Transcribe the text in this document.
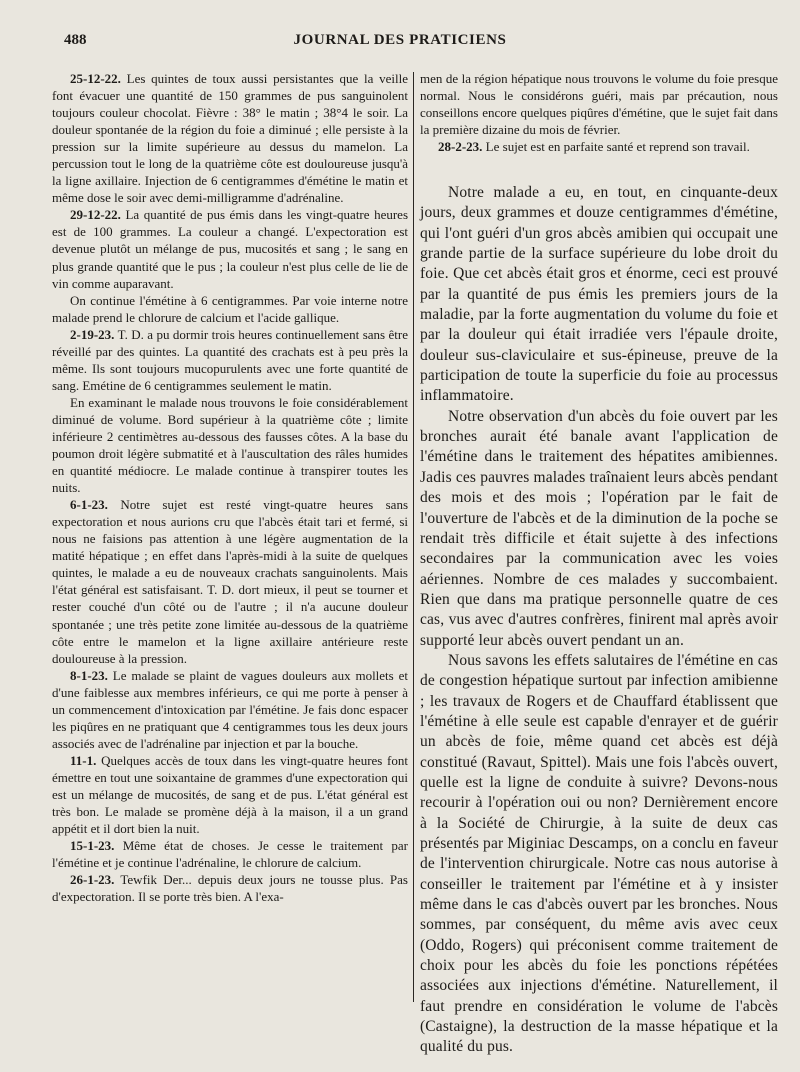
488	JOURNAL DES PRATICIENS

25-12-22. Les quintes de toux aussi persistantes que la veille font évacuer une quantité de 150 grammes de pus sanguinolent toujours couleur chocolat. Fièvre : 38° le matin ; 38°4 le soir. La douleur spontanée de la région du foie a diminué ; elle persiste à la pression sur la limite supérieure au dessus du mamelon. La percussion tout le long de la quatrième côte est douloureuse jusqu'à la ligne axillaire. Injection de 6 centigrammes d'émétine le matin et même dose le soir avec demi-milligramme d'adrénaline.

29-12-22. La quantité de pus émis dans les vingt-quatre heures est de 100 grammes. La couleur a changé. L'expectoration est devenue plutôt un mélange de pus, mucosités et sang ; le sang en plus grande quantité que le pus ; la couleur n'est plus celle de lie de vin comme auparavant.

On continue l'émétine à 6 centigrammes. Par voie interne notre malade prend le chlorure de calcium et l'acide gallique.

2-19-23. T. D. a pu dormir trois heures continuellement sans être réveillé par des quintes. La quantité des crachats est à peu près la même. Ils sont toujours mucopurulents avec une forte quantité de sang. Emétine de 6 centigrammes seulement le matin.

En examinant le malade nous trouvons le foie considérablement diminué de volume. Bord supérieur à la quatrième côte ; limite inférieure 2 centimètres au-dessous des fausses côtes. A la base du poumon droit légère submatité et à l'auscultation des râles humides en quantité médiocre. Le malade continue à transpirer toutes les nuits.

6-1-23. Notre sujet est resté vingt-quatre heures sans expectoration et nous aurions cru que l'abcès était tari et fermé, si nous ne faisions pas attention à une légère augmentation de la matité hépatique ; en effet dans l'après-midi à la suite de quelques quintes, le malade a eu de nouveaux crachats sanguinolents. Mais l'état général est satisfaisant. T. D. dort mieux, il peut se tourner et rester couché d'un côté ou de l'autre ; il n'a aucune douleur spontanée ; une très petite zone limitée au-dessous de la quatrième côte entre le mamelon et la ligne axillaire antérieure reste douloureuse à la pression.

8-1-23. Le malade se plaint de vagues douleurs aux mollets et d'une faiblesse aux membres inférieurs, ce qui me porte à penser à un commencement d'intoxication par l'émétine. Je fais donc espacer les piqûres en ne pratiquant que 4 centigrammes tous les deux jours associés avec de l'adrénaline par injection et par la bouche.

11-1. Quelques accès de toux dans les vingt-quatre heures font émettre en tout une soixantaine de grammes d'une expectoration qui est un mélange de mucosités, de sang et de pus. L'état général est très bon. Le malade se promène déjà à la maison, il a un grand appétit et il dort bien la nuit.

15-1-23. Même état de choses. Je cesse le traitement par l'émétine et je continue l'adrénaline, le chlorure de calcium.

26-1-23. Tewfik Der... depuis deux jours ne tousse plus. Pas d'expectoration. Il se porte très bien. A l'exa-

men de la région hépatique nous trouvons le volume du foie presque normal. Nous le considérons guéri, mais par précaution, nous conseillons encore quelques piqûres d'émétine, que le sujet fait dans la première dizaine du mois de février.

28-2-23. Le sujet est en parfaite santé et reprend son travail.

Notre malade a eu, en tout, en cinquante-deux jours, deux grammes et douze centigrammes d'émétine, qui l'ont guéri d'un gros abcès amibien qui occupait une grande partie de la surface supérieure du lobe droit du foie. Que cet abcès était gros et énorme, ceci est prouvé par la quantité de pus émis les premiers jours de la maladie, par la forte augmentation du volume du foie et par la douleur qui était irradiée vers l'épaule droite, douleur sus-claviculaire et sus-épineuse, preuve de la participation de toute la superficie du foie au processus inflammatoire.

Notre observation d'un abcès du foie ouvert par les bronches aurait été banale avant l'application de l'émétine dans le traitement des hépatites amibiennes. Jadis ces pauvres malades traînaient leurs abcès pendant des mois et des mois ; l'opération par le fait de l'ouverture de l'abcès et de la diminution de la poche se rendait très difficile et était sujette à des infections secondaires par la communication avec les voies aériennes. Nombre de ces malades y succombaient. Rien que dans ma pratique personnelle quatre de ces cas, vus avec d'autres confrères, finirent mal après avoir supporté leur abcès ouvert pendant un an.

Nous savons les effets salutaires de l'émétine en cas de congestion hépatique surtout par infection amibienne ; les travaux de Rogers et de Chauffard établissent que l'émétine à elle seule est capable d'enrayer et de guérir un abcès de foie, même quand cet abcès est déjà constitué (Ravaut, Spittel). Mais une fois l'abcès ouvert, quelle est la ligne de conduite à suivre? Devons-nous recourir à l'opération oui ou non? Dernièrement encore à la Société de Chirurgie, à la suite de deux cas présentés par Miginiac Descamps, on a conclu en faveur de l'intervention chirurgicale. Notre cas nous autorise à conseiller le traitement par l'émétine et à y insister même dans le cas d'abcès ouvert par les bronches. Nous sommes, par conséquent, du même avis avec ceux (Oddo, Rogers) qui préconisent comme traitement de choix pour les abcès du foie les ponctions répétées associées aux injections d'émétine. Naturellement, il faut prendre en considération le volume de l'abcès (Castaigne), la destruction de la masse hépatique et la qualité du pus.
